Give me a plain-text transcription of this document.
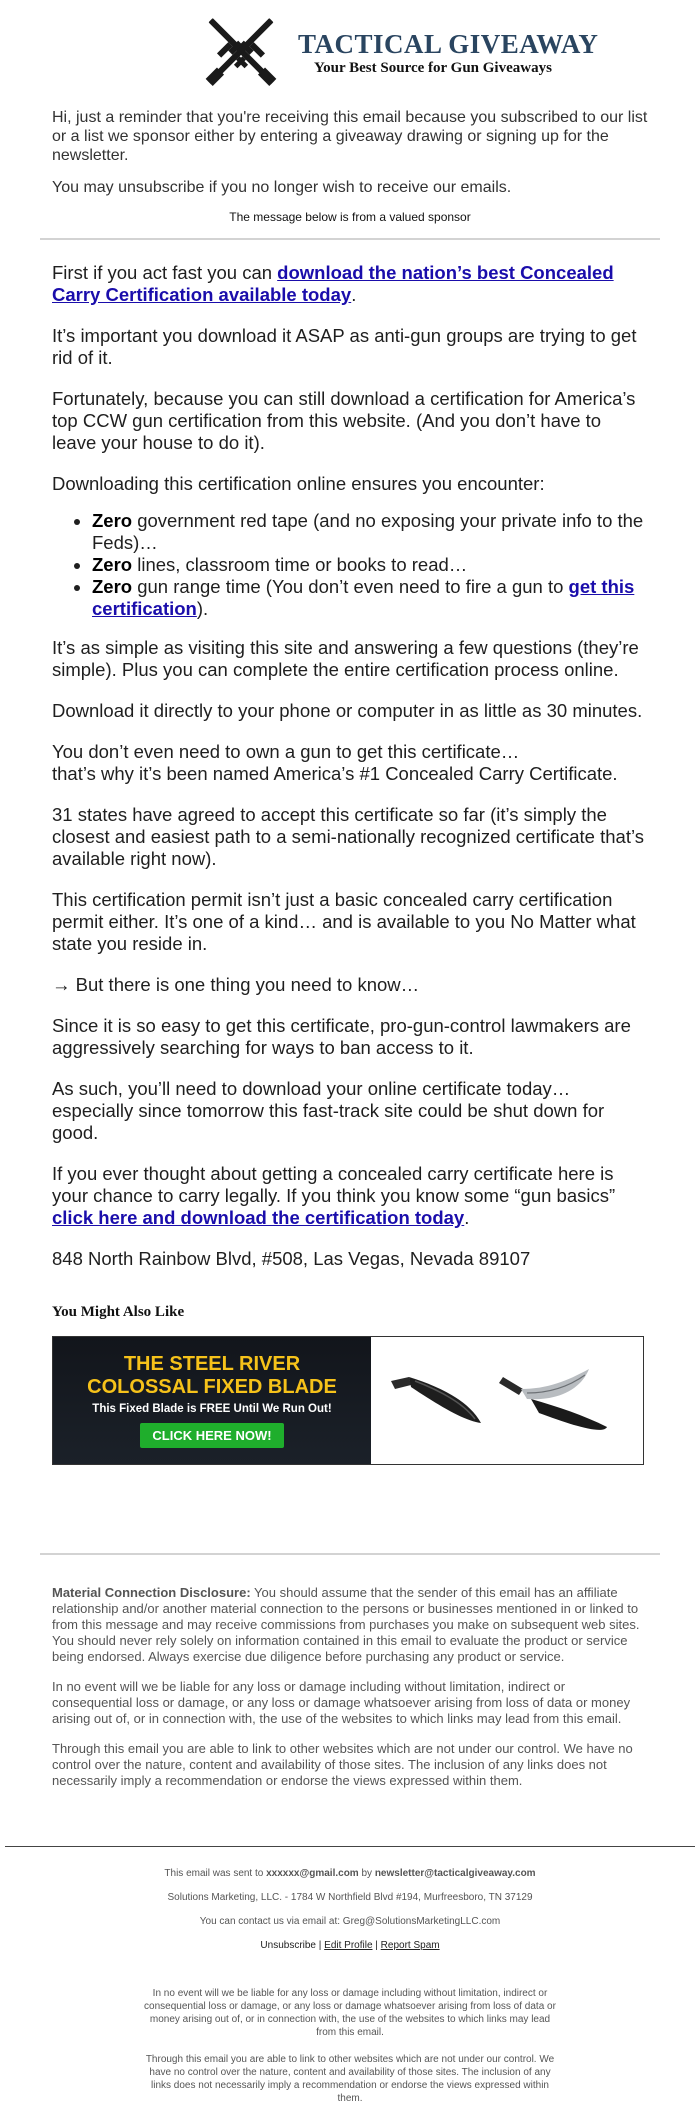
TACTICAL GIVEAWAY
Your Best Source for Gun Giveaways

Hi, just a reminder that you're receiving this email because you subscribed to our list or a list we sponsor either by entering a giveaway drawing or signing up for the newsletter.

You may unsubscribe if you no longer wish to receive our emails.

The message below is from a valued sponsor

First if you act fast you can download the nation’s best Concealed Carry Certification available today.

It’s important you download it ASAP as anti-gun groups are trying to get rid of it.

Fortunately, because you can still download a certification for America’s top CCW gun certification from this website. (And you don’t have to leave your house to do it).

Downloading this certification online ensures you encounter:

• Zero government red tape (and no exposing your private info to the Feds)…
• Zero lines, classroom time or books to read…
• Zero gun range time (You don’t even need to fire a gun to get this certification).

It’s as simple as visiting this site and answering a few questions (they’re simple). Plus you can complete the entire certification process online.

Download it directly to your phone or computer in as little as 30 minutes.

You don’t even need to own a gun to get this certificate…
that’s why it’s been named America’s #1 Concealed Carry Certificate.

31 states have agreed to accept this certificate so far (it’s simply the closest and easiest path to a semi-nationally recognized certificate that’s available right now).

This certification permit isn’t just a basic concealed carry certification permit either. It’s one of a kind… and is available to you No Matter what state you reside in.

→ But there is one thing you need to know…

Since it is so easy to get this certificate, pro-gun-control lawmakers are aggressively searching for ways to ban access to it.

As such, you’ll need to download your online certificate today… especially since tomorrow this fast-track site could be shut down for good.

If you ever thought about getting a concealed carry certificate here is your chance to carry legally. If you think you know some “gun basics” click here and download the certification today.

848 North Rainbow Blvd, #508, Las Vegas, Nevada 89107

You Might Also Like
THE STEEL RIVER
COLOSSAL FIXED BLADE
This Fixed Blade is FREE Until We Run Out!
CLICK HERE NOW!

Material Connection Disclosure: You should assume that the sender of this email has an affiliate relationship and/or another material connection to the persons or businesses mentioned in or linked to from this message and may receive commissions from purchases you make on subsequent web sites. You should never rely solely on information contained in this email to evaluate the product or service being endorsed. Always exercise due diligence before purchasing any product or service.

In no event will we be liable for any loss or damage including without limitation, indirect or consequential loss or damage, or any loss or damage whatsoever arising from loss of data or money arising out of, or in connection with, the use of the websites to which links may lead from this email.

Through this email you are able to link to other websites which are not under our control. We have no control over the nature, content and availability of those sites. The inclusion of any links does not necessarily imply a recommendation or endorse the views expressed within them.

This email was sent to xxxxxx@gmail.com by newsletter@tacticalgiveaway.com
Solutions Marketing, LLC. - 1784 W Northfield Blvd #194, Murfreesboro, TN 37129
You can contact us via email at: Greg@SolutionsMarketingLLC.com
Unsubscribe | Edit Profile | Report Spam

In no event will we be liable for any loss or damage including without limitation, indirect or consequential loss or damage, or any loss or damage whatsoever arising from loss of data or money arising out of, or in connection with, the use of the websites to which links may lead from this email.

Through this email you are able to link to other websites which are not under our control. We have no control over the nature, content and availability of those sites. The inclusion of any links does not necessarily imply a recommendation or endorse the views expressed within them.
